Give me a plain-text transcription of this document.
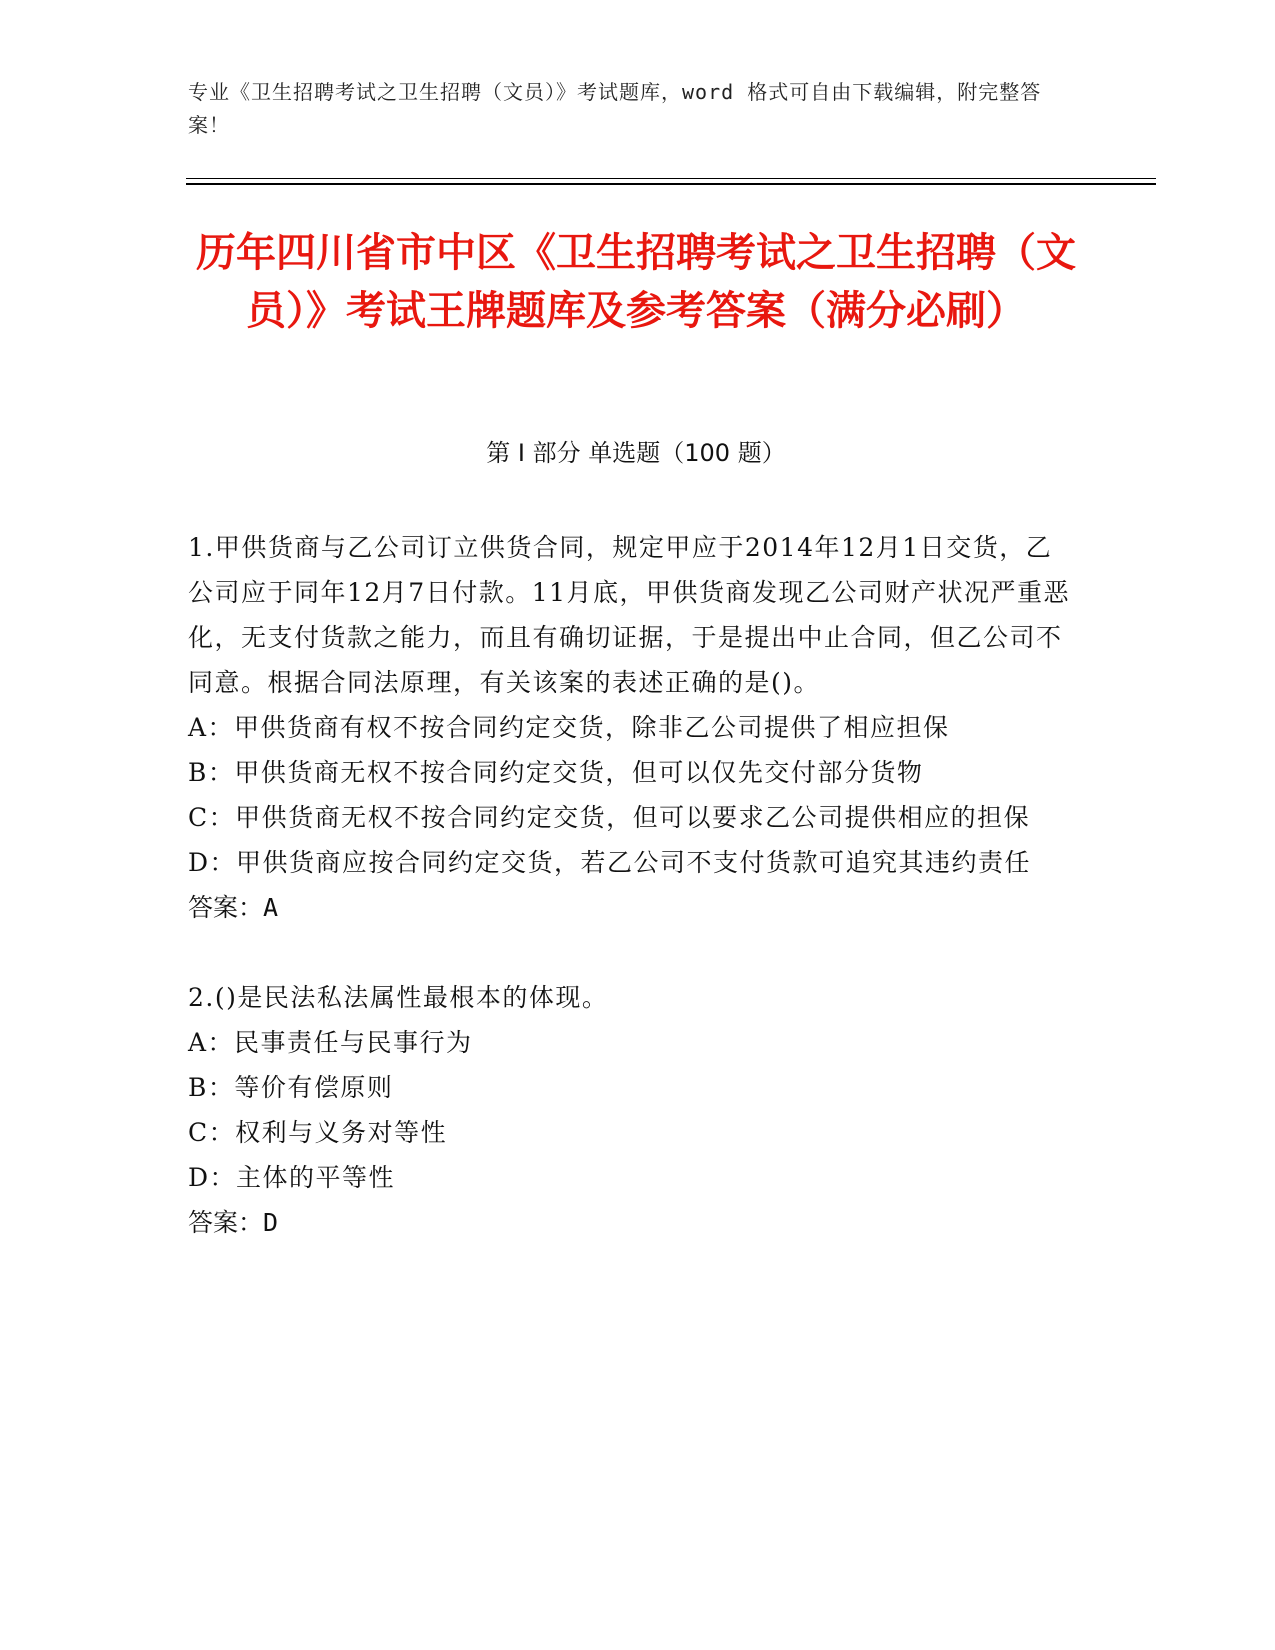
专业《卫生招聘考试之卫生招聘（文员）》考试题库，word 格式可自由下载编辑，附完整答案！
历年四川省市中区《卫生招聘考试之卫生招聘（文员）》考试王牌题库及参考答案（满分必刷）
第 I 部分 单选题（100 题）

1.甲供货商与乙公司订立供货合同，规定甲应于2014年12月1日交货，乙公司应于同年12月7日付款。11月底，甲供货商发现乙公司财产状况严重恶化，无支付货款之能力，而且有确切证据，于是提出中止合同，但乙公司不同意。根据合同法原理，有关该案的表述正确的是()。

A：甲供货商有权不按合同约定交货，除非乙公司提供了相应担保

B：甲供货商无权不按合同约定交货，但可以仅先交付部分货物

C：甲供货商无权不按合同约定交货，但可以要求乙公司提供相应的担保

D：甲供货商应按合同约定交货，若乙公司不支付货款可追究其违约责任

答案：A

2.()是民法私法属性最根本的体现。

A：民事责任与民事行为

B：等价有偿原则

C：权利与义务对等性

D：主体的平等性

答案：D
